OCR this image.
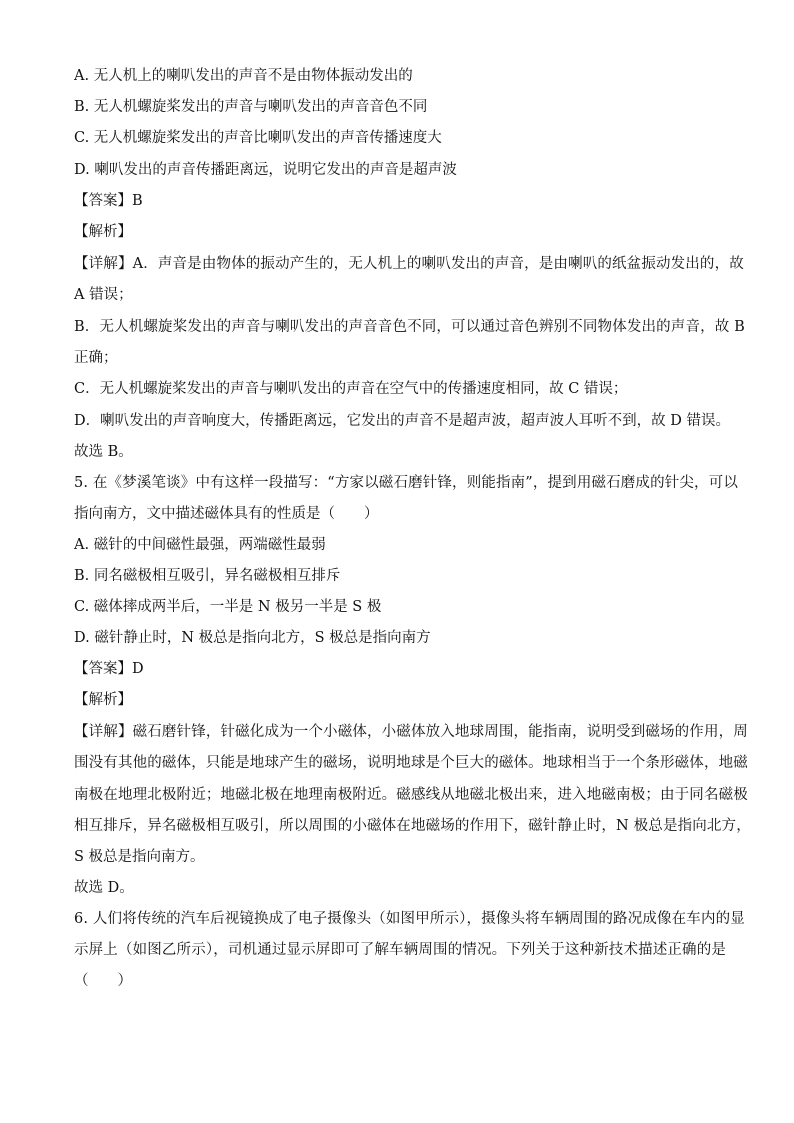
A. 无人机上的喇叭发出的声音不是由物体振动发出的
B. 无人机螺旋桨发出的声音与喇叭发出的声音音色不同
C. 无人机螺旋桨发出的声音比喇叭发出的声音传播速度大
D. 喇叭发出的声音传播距离远，说明它发出的声音是超声波
【答案】B
【解析】
【详解】A．声音是由物体的振动产生的，无人机上的喇叭发出的声音，是由喇叭的纸盆振动发出的，故
A 错误；
B．无人机螺旋桨发出的声音与喇叭发出的声音音色不同，可以通过音色辨别不同物体发出的声音，故 B
正确；
C．无人机螺旋桨发出的声音与喇叭发出的声音在空气中的传播速度相同，故 C 错误；
D．喇叭发出的声音响度大，传播距离远，它发出的声音不是超声波，超声波人耳听不到，故 D 错误。
故选 B。
5. 在《梦溪笔谈》中有这样一段描写：“方家以磁石磨针锋，则能指南”，提到用磁石磨成的针尖，可以
指向南方，文中描述磁体具有的性质是（　　）
A. 磁针的中间磁性最强，两端磁性最弱
B. 同名磁极相互吸引，异名磁极相互排斥
C. 磁体摔成两半后，一半是 N 极另一半是 S 极
D. 磁针静止时，N 极总是指向北方，S 极总是指向南方
【答案】D
【解析】
【详解】磁石磨针锋，针磁化成为一个小磁体，小磁体放入地球周围，能指南，说明受到磁场的作用，周
围没有其他的磁体，只能是地球产生的磁场，说明地球是个巨大的磁体。地球相当于一个条形磁体，地磁
南极在地理北极附近；地磁北极在地理南极附近。磁感线从地磁北极出来，进入地磁南极；由于同名磁极
相互排斥，异名磁极相互吸引，所以周围的小磁体在地磁场的作用下，磁针静止时，N 极总是指向北方，
S 极总是指向南方。
故选 D。
6. 人们将传统的汽车后视镜换成了电子摄像头（如图甲所示），摄像头将车辆周围的路况成像在车内的显
示屏上（如图乙所示），司机通过显示屏即可了解车辆周围的情况。下列关于这种新技术描述正确的是
（　　）
